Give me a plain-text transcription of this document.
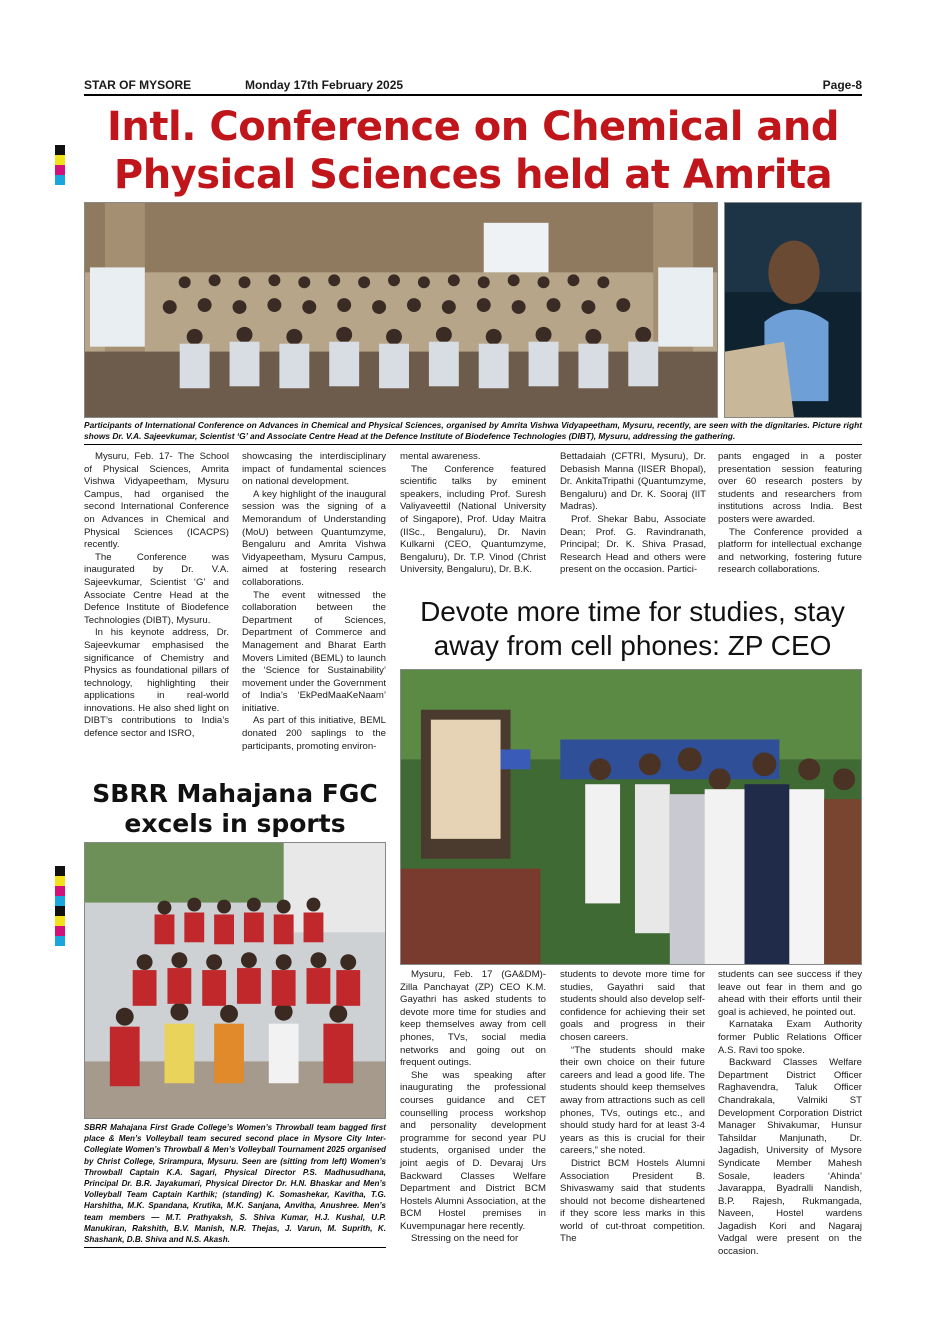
STAR OF MYSORE	Monday 17th February 2025	Page-8
Intl. Conference on Chemical and Physical Sciences held at Amrita
Participants of International Conference on Advances in Chemical and Physical Sciences, organised by Amrita Vishwa Vidyapeetham, Mysuru, recently, are seen with the dignitaries. Picture right shows Dr. V.A. Sajeevkumar, Scientist ‘G’ and Associate Centre Head at the Defence Institute of Biodefence Technologies (DIBT), Mysuru, addressing the gathering.

Mysuru, Feb. 17- The School of Physical Sciences, Amrita Vishwa Vidyapeetham, Mysuru Campus, had organised the second International Conference on Advances in Chemical and Physical Sciences (ICACPS) recently.

The Conference was inaugurated by Dr. V.A. Sajeevkumar, Scientist ‘G’ and Associate Centre Head at the Defence Institute of Biodefence Technologies (DIBT), Mysuru.

In his keynote address, Dr. Sajeevkumar emphasised the significance of Chemistry and Physics as foundational pillars of technology, highlighting their applications in real-world innovations. He also shed light on DIBT’s contributions to India’s defence sector and ISRO,

showcasing the interdisciplinary impact of fundamental sciences on national development.

A key highlight of the inaugural session was the signing of a Memorandum of Understanding (MoU) between Quantumzyme, Bengaluru and Amrita Vishwa Vidyapeetham, Mysuru Campus, aimed at fostering research collaborations.

The event witnessed the collaboration between the Department of Sciences, Department of Commerce and Management and Bharat Earth Movers Limited (BEML) to launch the ‘Science for Sustainability’ movement under the Government of India’s ‘EkPedMaaKeNaam’ initiative.

As part of this initiative, BEML donated 200 saplings to the participants, promoting environ-

mental awareness.

The Conference featured scientific talks by eminent speakers, including Prof. Suresh Valiyaveettil (National University of Singapore), Prof. Uday Maitra (IISc., Bengaluru), Dr. Navin Kulkarni (CEO, Quantumzyme, Bengaluru), Dr. T.P. Vinod (Christ University, Bengaluru), Dr. B.K.

Bettadaiah (CFTRI, Mysuru), Dr. Debasish Manna (IISER Bhopal), Dr. AnkitaTripathi (Quantumzyme, Bengaluru) and Dr. K. Sooraj (IIT Madras).

Prof. Shekar Babu, Associate Dean; Prof. G. Ravindranath, Principal; Dr. K. Shiva Prasad, Research Head and others were present on the occasion. Partici-

pants engaged in a poster presentation session featuring over 60 research posters by students and researchers from institutions across India. Best posters were awarded.

The Conference provided a platform for intellectual exchange and networking, fostering future research collaborations.

Devote more time for studies, stay away from cell phones: ZP CEO

Mysuru, Feb. 17 (GA&DM)- Zilla Panchayat (ZP) CEO K.M. Gayathri has asked students to devote more time for studies and keep themselves away from cell phones, TVs, social media networks and going out on frequent outings.

She was speaking after inaugurating the professional courses guidance and CET counselling process workshop and personality development programme for second year PU students, organised under the joint aegis of D. Devaraj Urs Backward Classes Welfare Department and District BCM Hostels Alumni Association, at the BCM Hostel premises in Kuvempunagar here recently.

Stressing on the need for

students to devote more time for studies, Gayathri said that students should also develop self-confidence for achieving their set goals and progress in their chosen careers.

“The students should make their own choice on their future careers and lead a good life. The students should keep themselves away from attractions such as cell phones, TVs, outings etc., and should study hard for at least 3-4 years as this is crucial for their careers,” she noted.

District BCM Hostels Alumni Association President B. Shivaswamy said that students should not become disheartened if they score less marks in this world of cut-throat competition. The

students can see success if they leave out fear in them and go ahead with their efforts until their goal is achieved, he pointed out.

Karnataka Exam Authority former Public Relations Officer A.S. Ravi too spoke.

Backward Classes Welfare Department District Officer Raghavendra, Taluk Officer Chandrakala, Valmiki ST Development Corporation District Manager Shivakumar, Hunsur Tahsildar Manjunath, Dr. Jagadish, University of Mysore Syndicate Member Mahesh Sosale, leaders ‘Ahinda’ Javarappa, Byadralli Nandish, B.P. Rajesh, Rukmangada, Naveen, Hostel wardens Jagadish Kori and Nagaraj Vadgal were present on the occasion.

SBRR Mahajana FGC excels in sports
SBRR Mahajana First Grade College’s Women’s Throwball team bagged first place & Men’s Volleyball team secured second place in Mysore City Inter-Collegiate Women’s Throwball & Men’s Volleyball Tournament 2025 organised by Christ College, Srirampura, Mysuru. Seen are (sitting from left) Women’s Throwball Captain K.A. Sagari, Physical Director P.S. Madhusudhana, Principal Dr. B.R. Jayakumari, Physical Director Dr. H.N. Bhaskar and Men’s Volleyball Team Captain Karthik; (standing) K. Somashekar, Kavitha, T.G. Harshitha, M.K. Spandana, Krutika, M.K. Sanjana, Anvitha, Anushree. Men’s team members — M.T. Prathyaksh, S. Shiva Kumar, H.J. Kushal, U.P. Manukiran, Rakshith, B.V. Manish, N.R. Thejas, J. Varun, M. Suprith, K. Shashank, D.B. Shiva and N.S. Akash.
